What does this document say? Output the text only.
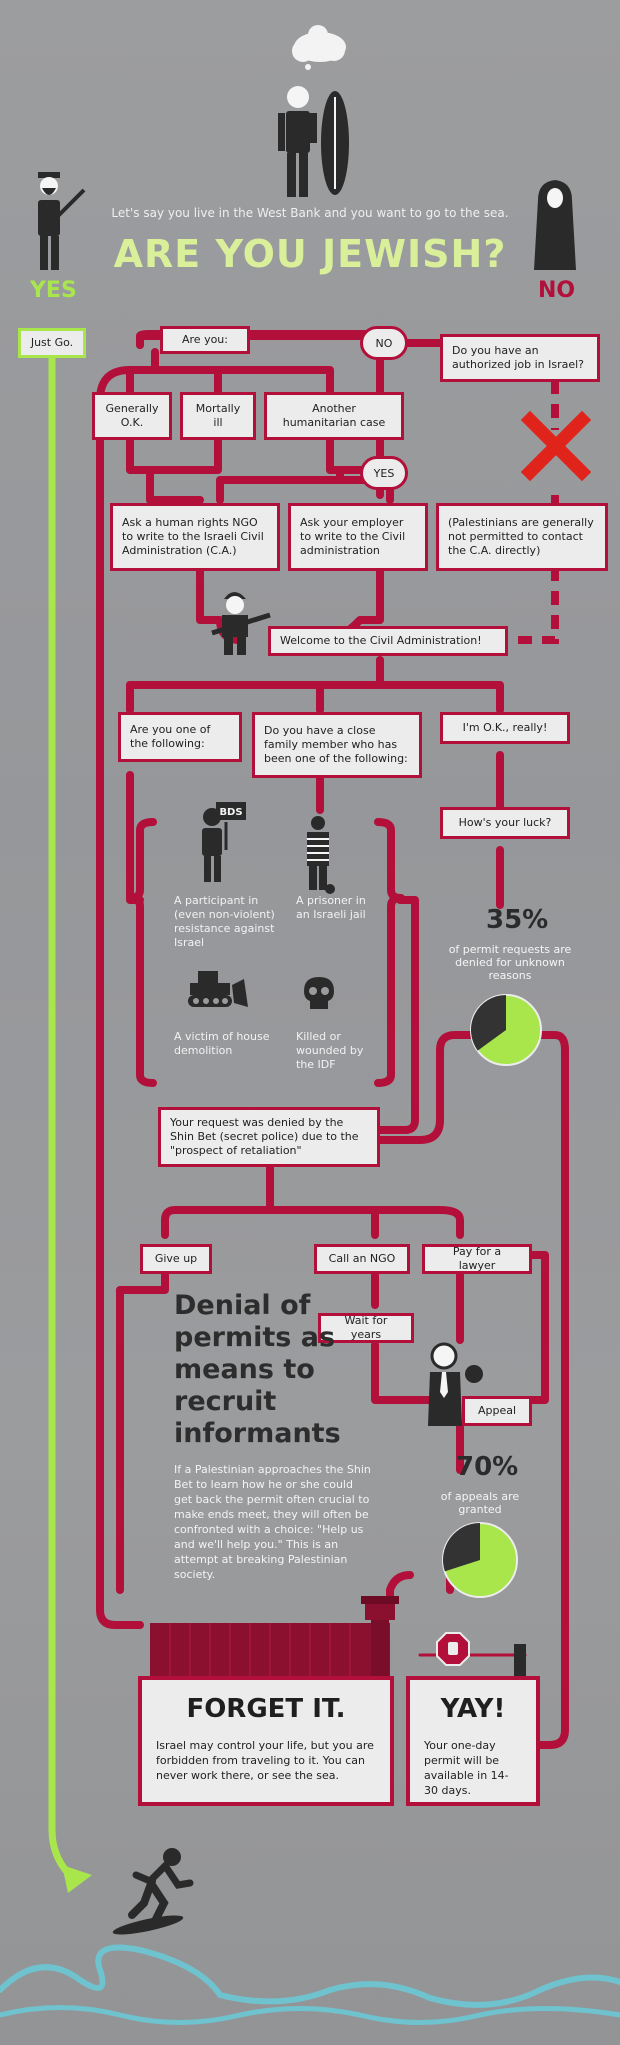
Let's say you live in the West Bank and you want to go to the sea.
ARE YOU JEWISH?
YES	NO
Just Go.	Are you:	NO
Do you have an authorized job in Israel?
Generally O.K.
Mortally ill
Another humanitarian case
YES
Ask a human rights NGO to write to the Israeli Civil Administration (C.A.)
Ask your employer to write to the Civil administration
(Palestinians are generally not permitted to contact the C.A. directly)
Welcome to the Civil Administration!
Are you one of the following:
Do you have a close family member who has been one of the following:
I'm O.K., really!
How's your luck?
BDS
A participant in (even non-violent) resistance against Israel
A prisoner in an Israeli jail
A victim of house demolition
Killed or wounded by the IDF
35%
of permit requests are denied for unknown reasons
Your request was denied by the Shin Bet (secret police) due to the "prospect of retaliation"
Give up	Call an NGO
Pay for a lawyer
Wait for years
Appeal
Denial of permits as means to recruit informants
If a Palestinian approaches the Shin Bet to learn how he or she could get back the permit often crucial to make ends meet, they will often be confronted with a choice: "Help us and we'll help you." This is an attempt at breaking Palestinian society.
70%
of appeals are granted
FORGET IT.
Israel may control your life, but you are forbidden from traveling to it. You can never work there, or see the sea.
YAY!
Your one-day permit will be available in 14-30 days.
